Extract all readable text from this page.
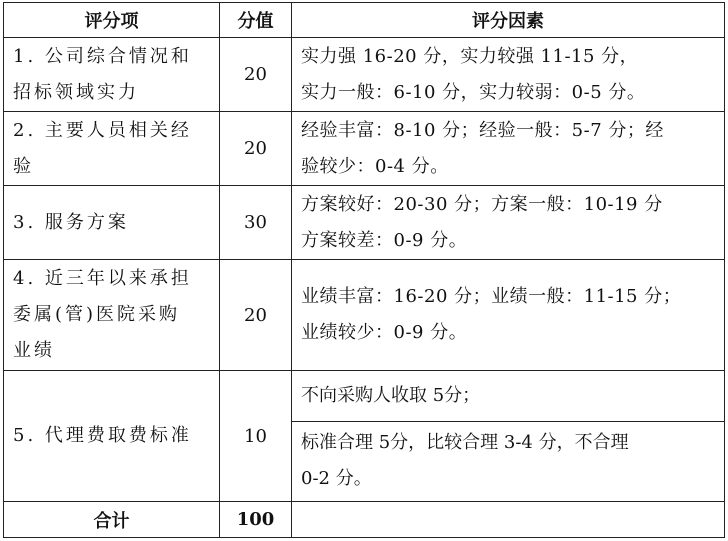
评分项	分值	评分因素

1. 公司综合情况和
招标领域实力	20	实力强 16-20 分，实力较强 11-15 分，
实力一般：6-10 分，实力较弱：0-5 分。

2. 主要人员相关经
验	20	经验丰富：8-10 分；经验一般：5-7 分；经
验较少：0-4 分。

3. 服务方案	30	方案较好：20-30 分；方案一般：10-19 分
方案较差：0-9 分。

4. 近三年以来承担
委属(管)医院采购
业绩	20	业绩丰富：16-20 分；业绩一般：11-15 分；
业绩较少：0-9 分。

5. 代理费取费标准	10	不向采购人收取 5分；
标准合理 5分，比较合理 3-4 分，不合理
0-2 分。

合计	100	
